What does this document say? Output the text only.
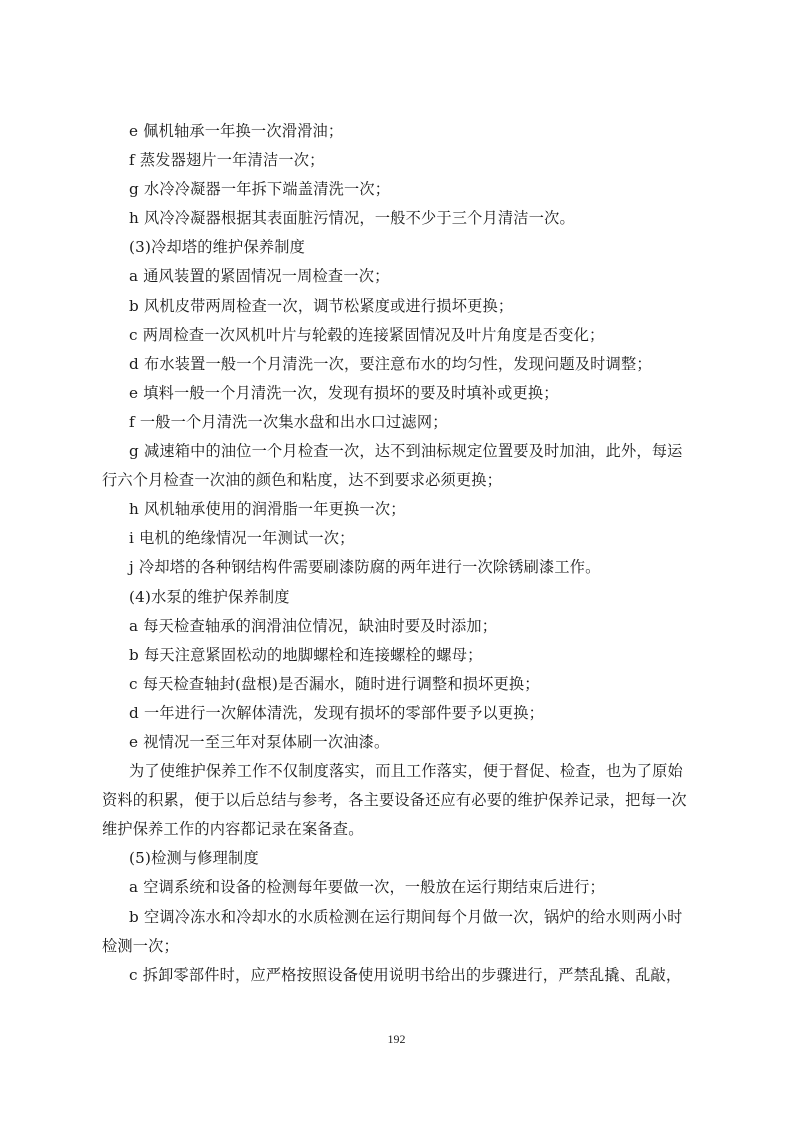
e 佩机轴承一年换一次滑滑油；
f 蒸发器翅片一年清洁一次；
g 水冷冷凝器一年拆下端盖清洗一次；
h 风冷冷凝器根据其表面脏污情况，一般不少于三个月清洁一次。
(3)冷却塔的维护保养制度
a 通风装置的紧固情况一周检查一次；
b 风机皮带两周检查一次，调节松紧度或进行损坏更换；
c 两周检查一次风机叶片与轮毂的连接紧固情况及叶片角度是否变化；
d 布水装置一般一个月清洗一次，要注意布水的均匀性，发现问题及时调整；
e 填料一般一个月清洗一次，发现有损坏的要及时填补或更换；
f 一般一个月清洗一次集水盘和出水口过滤网；
g 减速箱中的油位一个月检查一次，达不到油标规定位置要及时加油，此外，每运
行六个月检查一次油的颜色和粘度，达不到要求必须更换；
h 风机轴承使用的润滑脂一年更换一次；
i 电机的绝缘情况一年测试一次；
j 冷却塔的各种钢结构件需要刷漆防腐的两年进行一次除锈刷漆工作。
(4)水泵的维护保养制度
a 每天检查轴承的润滑油位情况，缺油时要及时添加；
b 每天注意紧固松动的地脚螺栓和连接螺栓的螺母；
c 每天检查轴封(盘根)是否漏水，随时进行调整和损坏更换；
d 一年进行一次解体清洗，发现有损坏的零部件要予以更换；
e 视情况一至三年对泵体刷一次油漆。
为了使维护保养工作不仅制度落实，而且工作落实，便于督促、检查，也为了原始
资料的积累，便于以后总结与参考，各主要设备还应有必要的维护保养记录，把每一次
维护保养工作的内容都记录在案备查。
(5)检测与修理制度
a 空调系统和设备的检测每年要做一次，一般放在运行期结束后进行；
b 空调冷冻水和冷却水的水质检测在运行期间每个月做一次，锅炉的给水则两小时
检测一次；
c 拆卸零部件时，应严格按照设备使用说明书给出的步骤进行，严禁乱撬、乱敲，
192
